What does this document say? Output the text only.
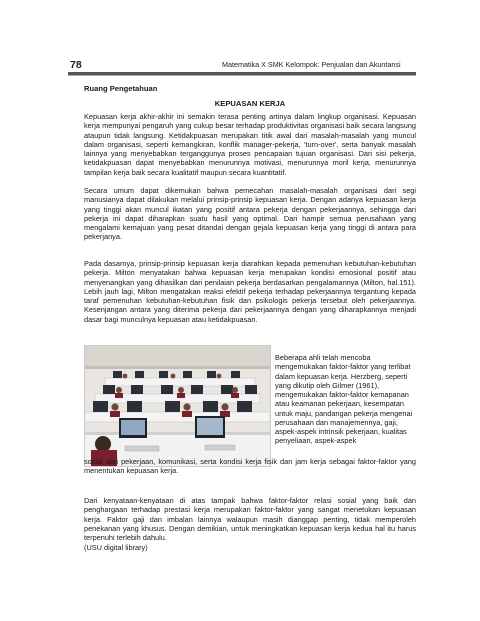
78	Matematika X SMK Kelompok: Penjualan dan Akuntansi
Ruang Pengetahuan
KEPUASAN KERJA
Kepuasan kerja akhir-akhir ini semakin terasa penting artinya dalam lingkup organisasi. Kepuasan kerja mempunyai pengaruh yang cukup besar terhadap produktivitas organisasi baik secara langsung ataupun tidak langsung. Ketidakpuasan merupakan titik awal dari masalah-masalah yang muncul dalam organisasi, seperti kemangkiran, konflik manager-pekerja, 'turn-over', serta banyak masalah lainnya yang menyebabkan terganggunya proses pencapaian tujuan organisasi. Dari sisi pekerja, ketidakpuasan dapat menyebabkan menurunnya motivasi, menurunnya moril kerja, menurunnya tampilan kerja baik secara kualitatif maupun secara kuantitatif.
Secara umum dapat dikemukan bahwa pemecahan masalah-masalah organisasi dari segi manusianya dapat dilakukan melalui prinsip-prinsip kepuasan kerja. Dengan adanya kepuasan kerja yang tinggi akan muncul ikatan yang positif antara pekerja dengan pekerjaannya, sehingga dari pekerja ini dapat diharapkan suatu hasil yang optimal. Dari hampir semua perusahaan yang mengalami kemajuan yang pesat ditandai dengan gejala kepuasan kerja yang tinggi di antara para pekerjanya.
Pada dasarnya, prinsip-prinsip kepuasan kerja diarahkan kepada pemenuhan kebutuhan-kebutuhan pekerja. Milton menyatakan bahwa kepuasan kerja merupakan kondisi emosional positif atau menyenangkan yang dihasilkan dari penilaian pekerja berdasarkan pengalamannya (Milton, hal.151). Lebih jauh lagi, Milton mengatakan reaksi efektif pekerja terhadap pekerjaannya tergantung kepada taraf pemenuhan kebutuhan-kebutuhan fisik dan psikologis pekerja tersebut oleh pekerjaannya. Kesenjangan antara yang diterima pekerja dari pekerjaannya dengan yang diharapkannya menjadi dasar bagi munculnya kepuasan atau ketidakpuasan.
Beberapa ahli telah mencoba mengemukakan faktor-faktor yang terlibat dalam kepuasan kerja. Herzberg, seperti yang dikutip oleh Gilmer (1961), mengemukakan faktor-faktor kemapanan atau keamanan pekerjaan, kesempatan untuk maju, pandangan pekerja mengenai perusahaan dan manajemennya, gaji, aspek-aspek intrinsik pekerjaan, kualitas penyeliaan, aspek-aspek
sosial dari pekerjaan, komunikasi, serta kondisi kerja fisik dan jam kerja sebagai faktor-faktor yang menentukan kepuasan kerja.
Dari kenyataan-kenyataan di atas tampak bahwa faktor-faktor relasi sosial yang baik dan penghargaan terhadap prestasi kerja merupakan faktor-faktor yang sangat menetukan kepuasan kerja. Faktor gaji dan imbalan lainnya walaupun masih dianggap penting, tidak memperoleh penekanan yang khusus. Dengan demikian, untuk meningkatkan kepuasan kerja kedua hal itu harus terpenuhi terlebih dahulu.
(USU digital library)
